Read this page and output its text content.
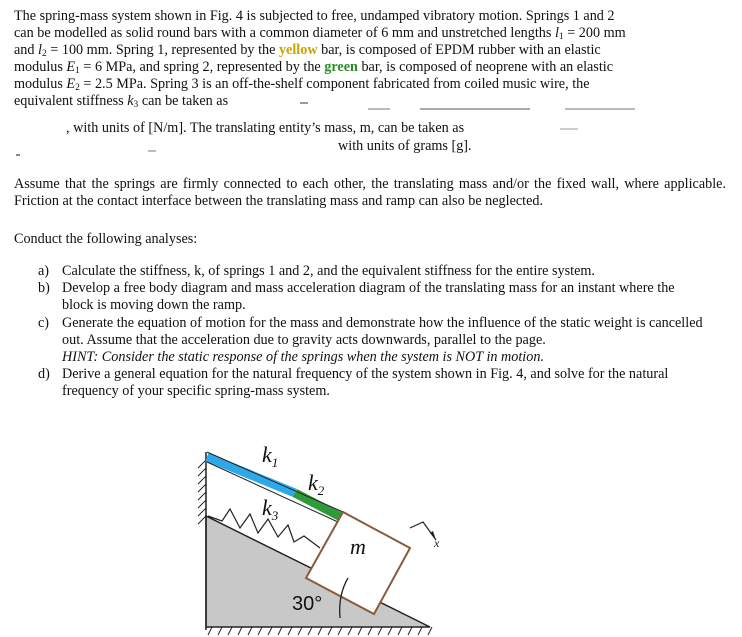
The spring-mass system shown in Fig. 4 is subjected to free, undamped vibratory motion. Springs 1 and 2
can be modelled as solid round bars with a common diameter of 6 mm and unstretched lengths $l_1 = 200$ mm
and $l_2 = 100$ mm. Spring 1, represented by the yellow bar, is composed of EPDM rubber with an elastic
modulus $E_1 = 6$ MPa, and spring 2, represented by the green bar, is composed of neoprene with an elastic
modulus $E_2 = 2.5$ MPa. Spring 3 is an off-the-shelf component fabricated from coiled music wire, the
equivalent stiffness $k_3$ can be taken as
, with units of [N/m]. The translating entity’s mass, m, can be taken as
with units of grams [g].
Assume that the springs are firmly connected to each other, the translating mass and/or the fixed wall, where applicable. Friction at the contact interface between the translating mass and ramp can also be neglected.
Conduct the following analyses:
a) Calculate the stiffness, k, of springs 1 and 2, and the equivalent stiffness for the entire system.
b) Develop a free body diagram and mass acceleration diagram of the translating mass for an instant where the block is moving down the ramp.
c) Generate the equation of motion for the mass and demonstrate how the influence of the static weight is cancelled out. Assume that the acceleration due to gravity acts downwards, parallel to the page.
HINT: Consider the static response of the springs when the system is NOT in motion.
d) Derive a general equation for the natural frequency of the system shown in Fig. 4, and solve for the natural frequency of your specific spring-mass system.
$k_1$
$k_2$
$k_3$
m
30°
x
